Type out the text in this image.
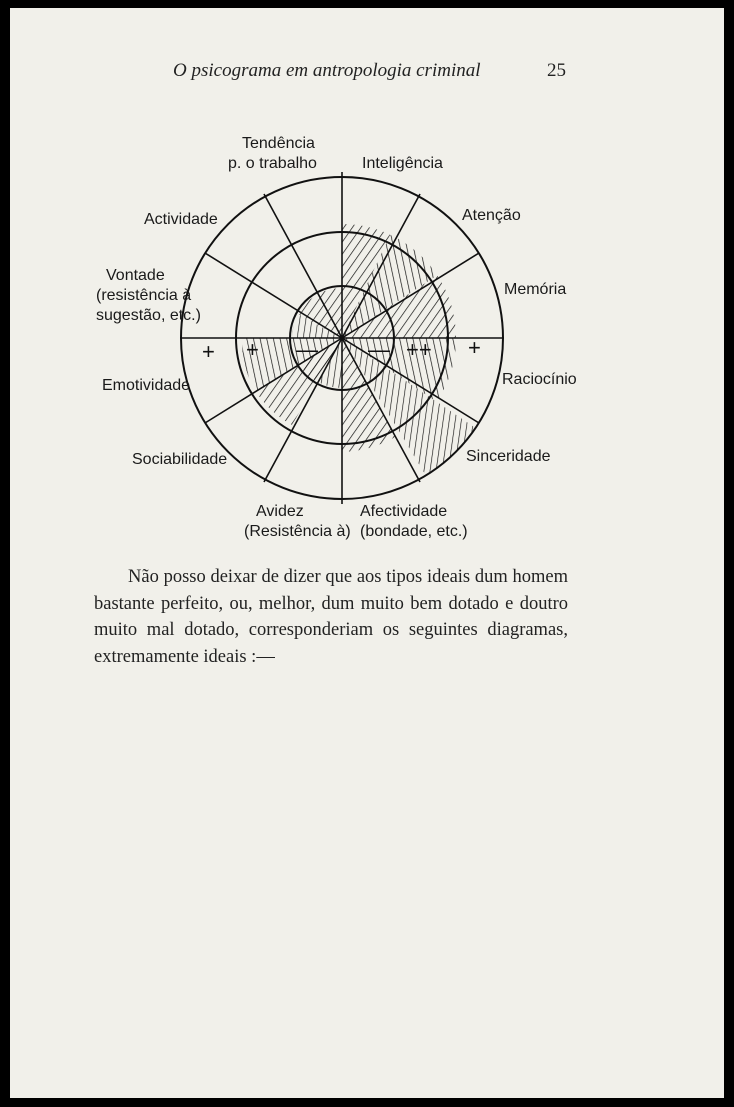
O psicograma em antropologia criminal	25
+ + — — ++ +
Tendência
p. o trabalho	Inteligência
Atenção
Actividade
Memória
Vontade
(resistência à
sugestão, etc.)
Raciocínio
Emotividade
Sinceridade
Sociabilidade
Avidez
(Resistência à)
Afectividade
(bondade, etc.)

Não posso deixar de dizer que aos tipos ideais dum homem bastante perfeito, ou, melhor, dum muito bem dotado e doutro muito mal dotado, corresponderiam os seguintes diagramas, extremamente ideais :—
